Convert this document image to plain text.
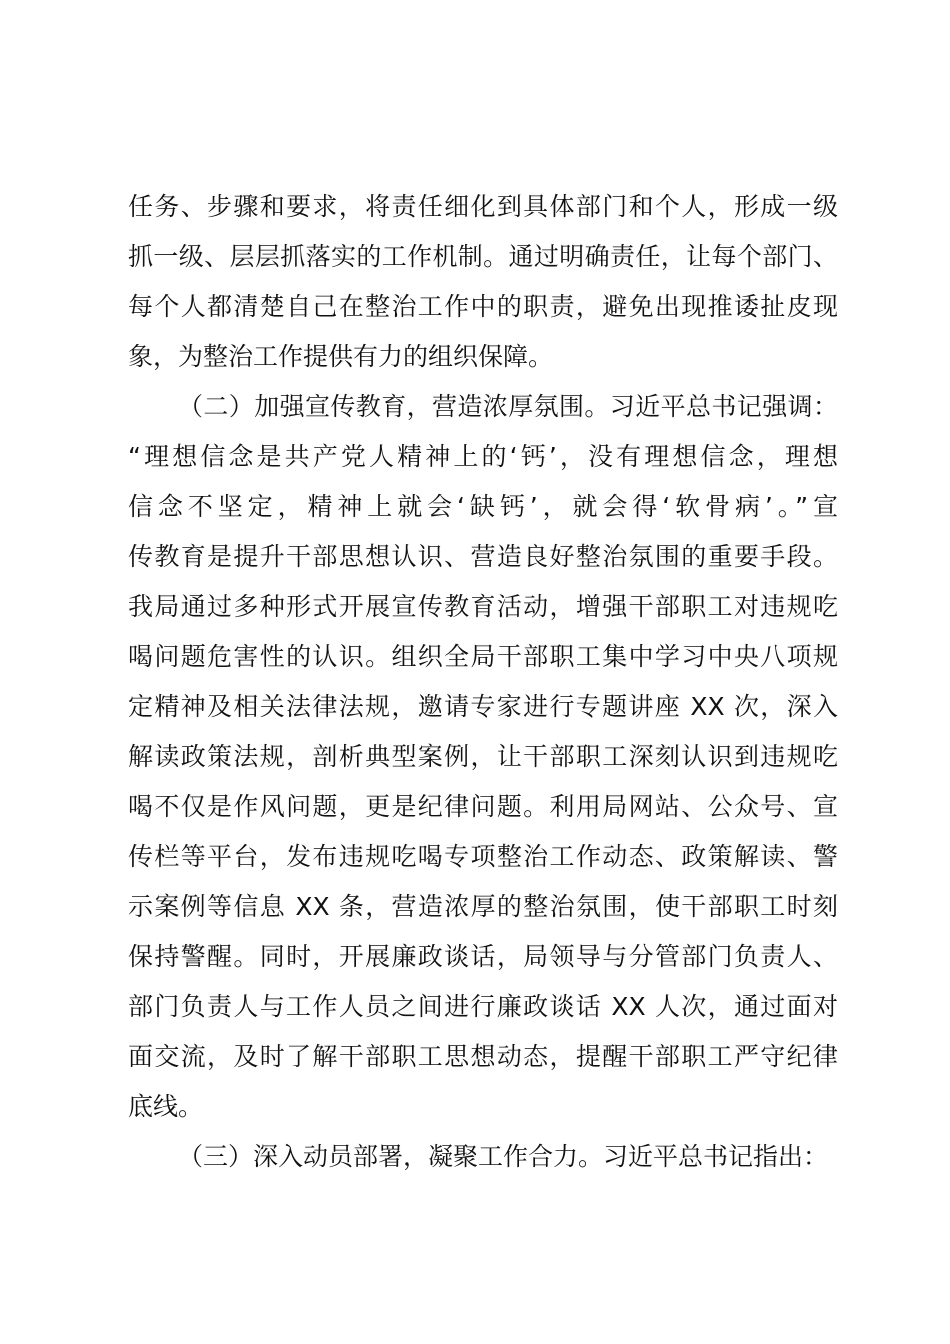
任务、步骤和要求，将责任细化到具体部门和个人，形成一级
抓一级、层层抓落实的工作机制。通过明确责任，让每个部门、
每个人都清楚自己在整治工作中的职责，避免出现推诿扯皮现
象，为整治工作提供有力的组织保障。
（二）加强宣传教育，营造浓厚氛围。习近平总书记强调：
“理想信念是共产党人精神上的‘钙’，没有理想信念，理想
信念不坚定，精神上就会‘缺钙’，就会得‘软骨病’。”宣
传教育是提升干部思想认识、营造良好整治氛围的重要手段。
我局通过多种形式开展宣传教育活动，增强干部职工对违规吃
喝问题危害性的认识。组织全局干部职工集中学习中央八项规
定精神及相关法律法规，邀请专家进行专题讲座 XX 次，深入
解读政策法规，剖析典型案例，让干部职工深刻认识到违规吃
喝不仅是作风问题，更是纪律问题。利用局网站、公众号、宣
传栏等平台，发布违规吃喝专项整治工作动态、政策解读、警
示案例等信息 XX 条，营造浓厚的整治氛围，使干部职工时刻
保持警醒。同时，开展廉政谈话，局领导与分管部门负责人、
部门负责人与工作人员之间进行廉政谈话 XX 人次，通过面对
面交流，及时了解干部职工思想动态，提醒干部职工严守纪律
底线。
（三）深入动员部署，凝聚工作合力。习近平总书记指出：
